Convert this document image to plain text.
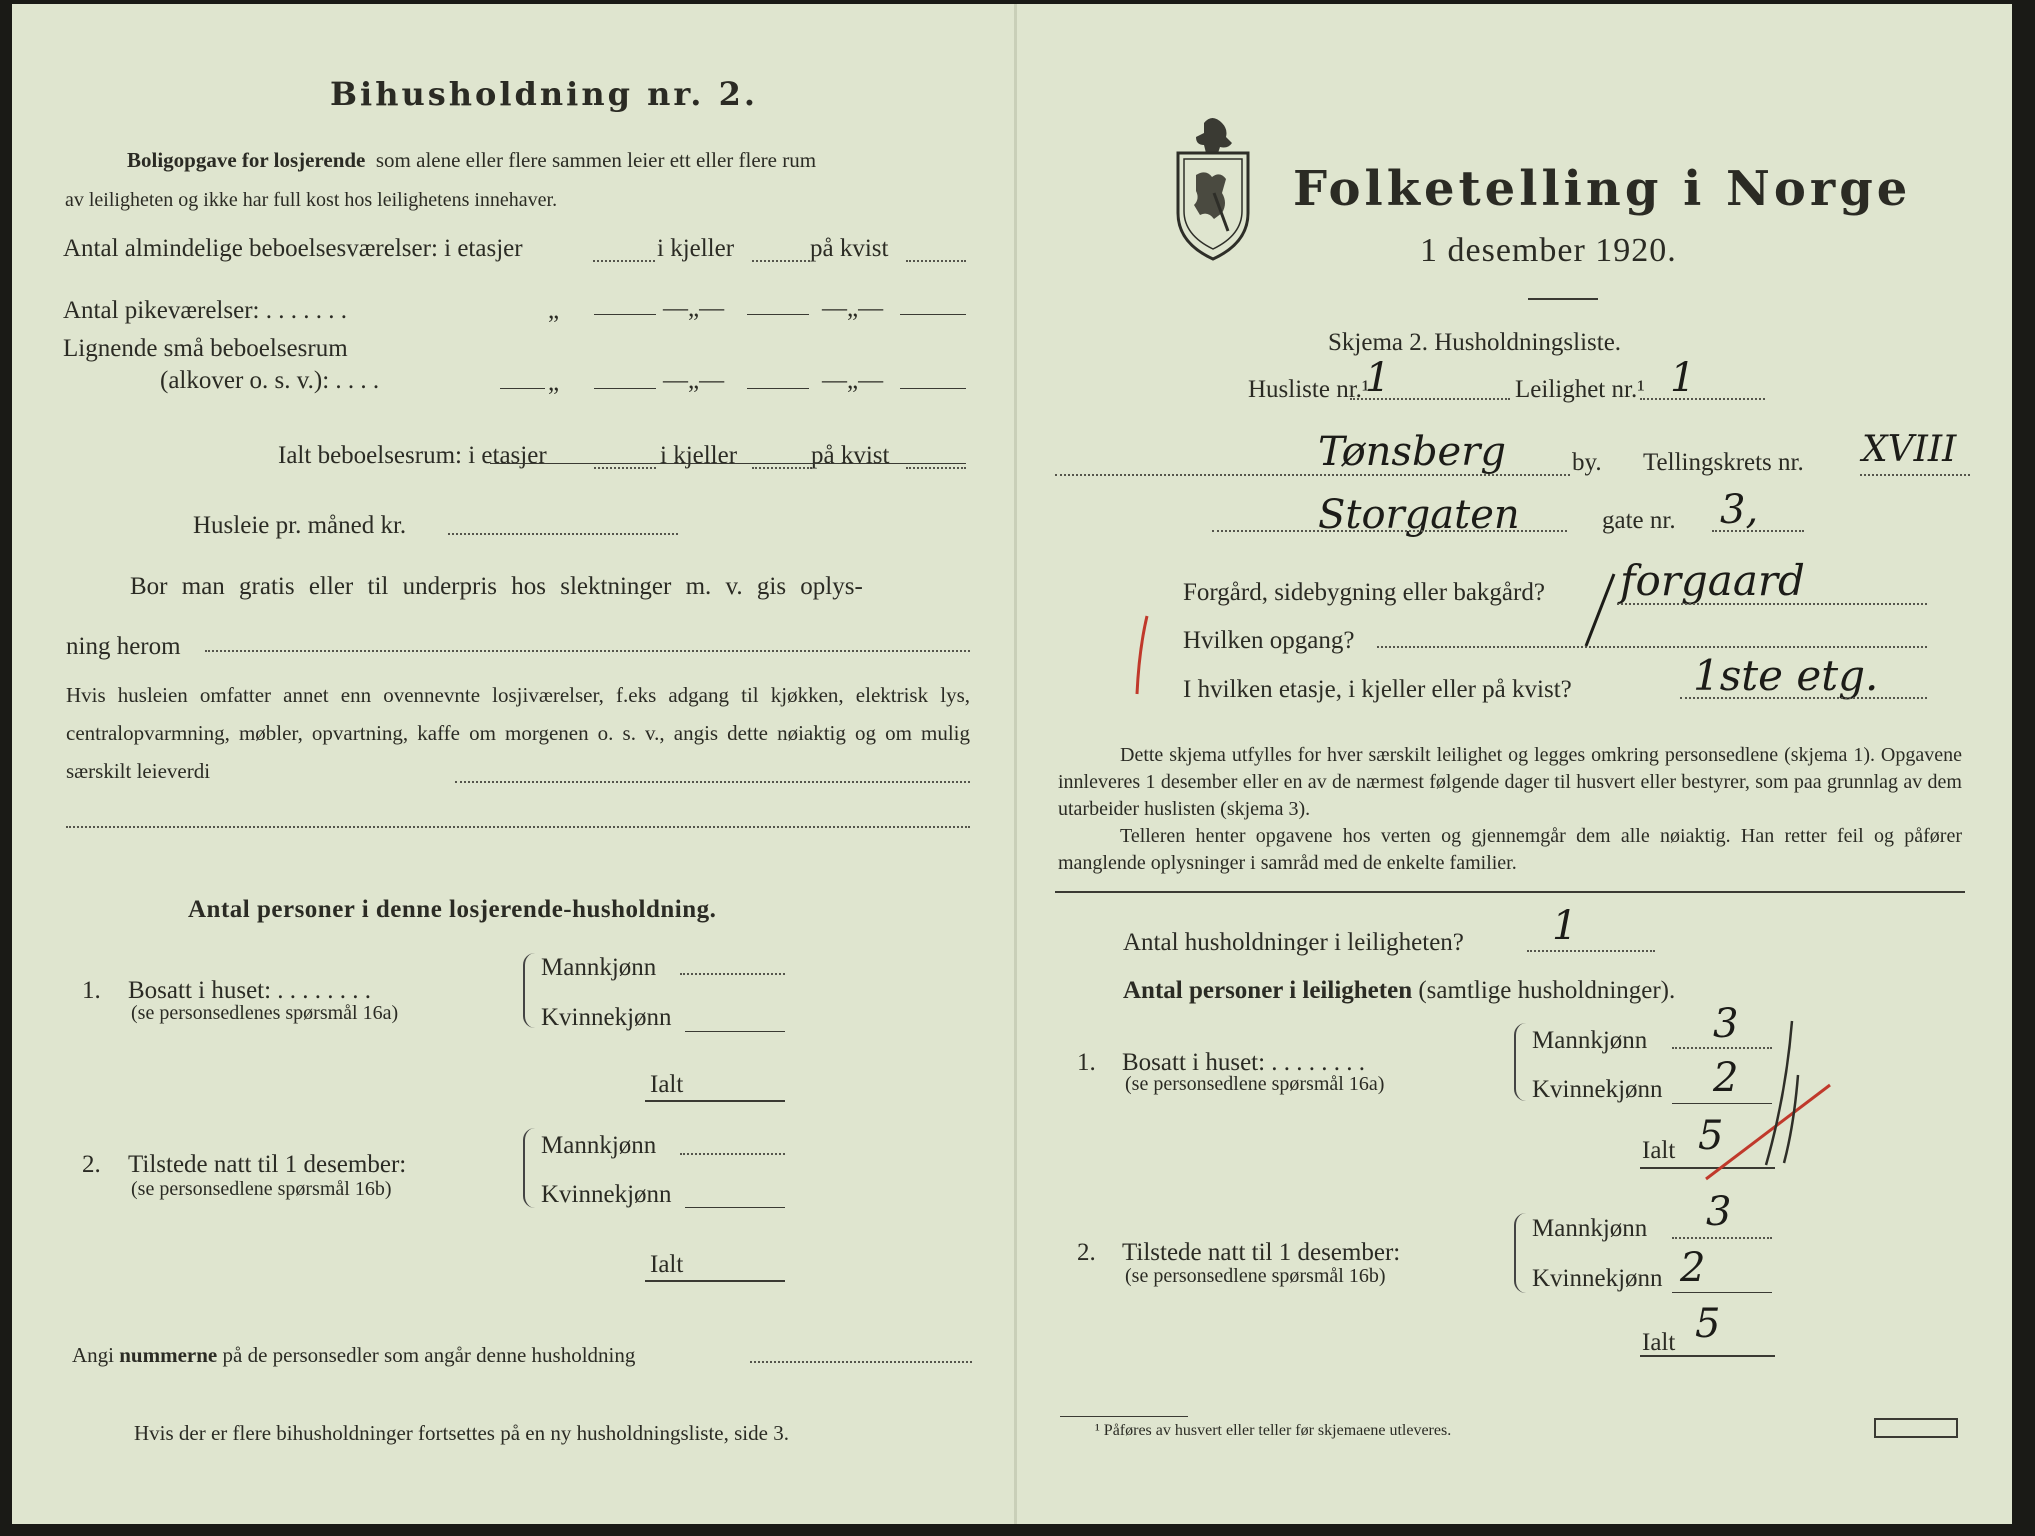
Bihusholdning nr. 2.
Boligopgave for losjerende som alene eller flere sammen leier ett eller flere rum
av leiligheten og ikke har full kost hos leilighetens innehaver.
Antal almindelige beboelsesværelser: i etasjer	i kjeller	på kvist
Antal pikeværelser: . . . . . . .	„	—„—	—„—
Lignende små beboelsesrum
(alkover o. s. v.): . . . .	„	—„—	—„—
Ialt beboelsesrum: i etasjer	i kjeller	på kvist
Husleie pr. måned kr.
Bor man gratis eller til underpris hos slektninger m. v. gis oplys-
ning herom
Hvis husleien omfatter annet enn ovennevnte losjiværelser, f.eks adgang til kjøkken, elektrisk lys, centralopvarmning, møbler, opvartning, kaffe om morgenen o. s. v., angis dette nøiaktig og om mulig særskilt leieverdi
Antal personer i denne losjerende-husholdning.
1. Bosatt i huset: . . . . . . . .
(se personsedlenes spørsmål 16a)
Mannkjønn
Kvinnekjønn
Ialt
2. Tilstede natt til 1 desember:
(se personsedlene spørsmål 16b)
Mannkjønn
Kvinnekjønn
Ialt
Angi nummerne på de personsedler som angår denne husholdning
Hvis der er flere bihusholdninger fortsettes på en ny husholdningsliste, side 3.
Folketelling i Norge
1 desember 1920.
Skjema 2. Husholdningsliste.
Husliste nr.¹
1	Leilighet nr.¹ 1
Tønsberg	by. Tellingskrets nr. XVIII
Storgaten	gate nr. 3,
Forgård, sidebygning eller bakgård? forgaard
Hvilken opgang?
I hvilken etasje, i kjeller eller på kvist?	1ste etg.
Dette skjema utfylles for hver særskilt leilighet og legges omkring personsedlene (skjema 1). Opgavene innleveres 1 desember eller en av de nærmest følgende dager til husvert eller bestyrer, som paa grunnlag av dem utarbeider huslisten (skjema 3).
Telleren henter opgavene hos verten og gjennemgår dem alle nøiaktig. Han retter feil og påfører manglende oplysninger i samråd med de enkelte familier.
Antal husholdninger i leiligheten? 1
Antal personer i leiligheten (samtlige husholdninger).
1. Bosatt i huset: . . . . . . . .
(se personsedlene spørsmål 16a)
Mannkjønn 3
Kvinnekjønn 2
Ialt 5
2. Tilstede natt til 1 desember:
(se personsedlene spørsmål 16b)
Mannkjønn 3
Kvinnekjønn 2
Ialt 5
¹ Påføres av husvert eller teller før skjemaene utleveres.
